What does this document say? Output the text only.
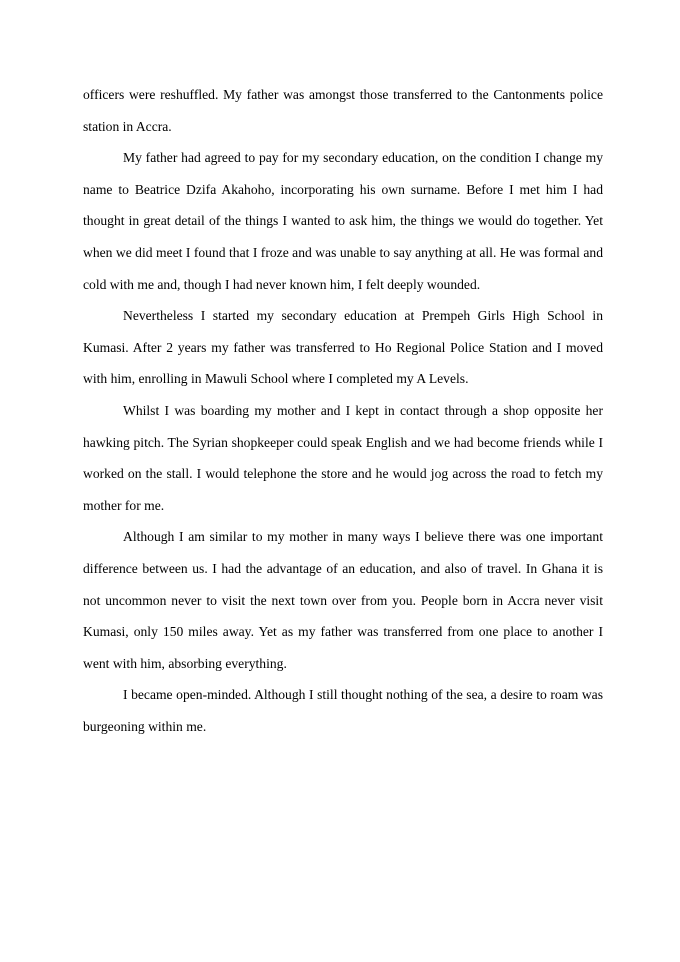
officers were reshuffled. My father was amongst those transferred to the Cantonments police station in Accra.

My father had agreed to pay for my secondary education, on the condition I change my name to Beatrice Dzifa Akahoho, incorporating his own surname. Before I met him I had thought in great detail of the things I wanted to ask him, the things we would do together. Yet when we did meet I found that I froze and was unable to say anything at all. He was formal and cold with me and, though I had never known him, I felt deeply wounded.

Nevertheless I started my secondary education at Prempeh Girls High School in Kumasi. After 2 years my father was transferred to Ho Regional Police Station and I moved with him, enrolling in Mawuli School where I completed my A Levels.

Whilst I was boarding my mother and I kept in contact through a shop opposite her hawking pitch. The Syrian shopkeeper could speak English and we had become friends while I worked on the stall. I would telephone the store and he would jog across the road to fetch my mother for me.

Although I am similar to my mother in many ways I believe there was one important difference between us. I had the advantage of an education, and also of travel. In Ghana it is not uncommon never to visit the next town over from you. People born in Accra never visit Kumasi, only 150 miles away. Yet as my father was transferred from one place to another I went with him, absorbing everything.

I became open-minded. Although I still thought nothing of the sea, a desire to roam was burgeoning within me.
